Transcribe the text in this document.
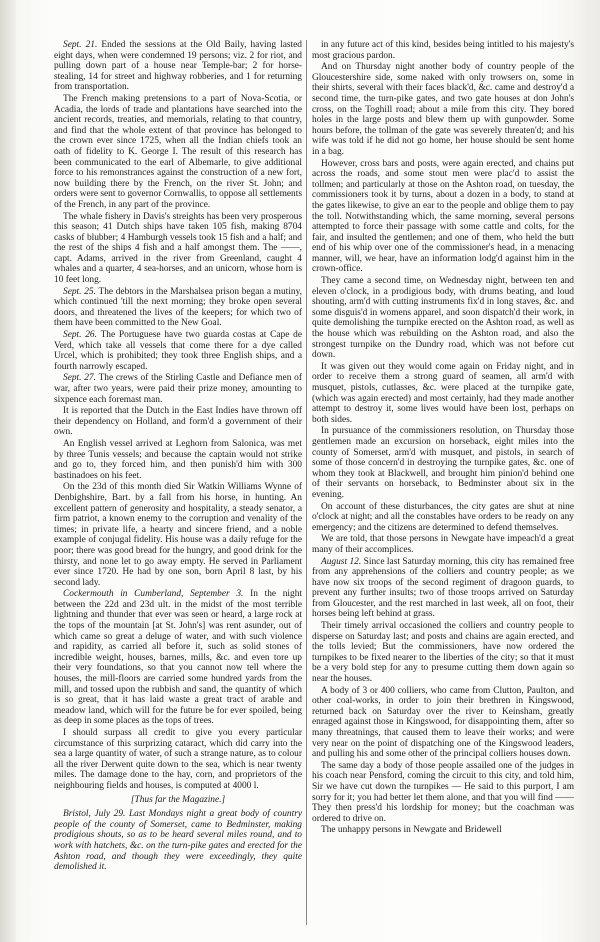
Sept. 21. Ended the sessions at the Old Baily, having lasted eight days, when were condemned 19 persons; viz. 2 for riot, and pulling down part of a house near Temple-bar; 2 for horse-stealing, 14 for street and highway robberies, and 1 for returning from transportation.

The French making pretensions to a part of Nova-Scotia, or Acadia, the lords of trade and plantations have searched into the ancient records, treaties, and memorials, relating to that country, and find that the whole extent of that province has belonged to the crown ever since 1725, when all the Indian chiefs took an oath of fidelity to K. George I. The result of this research has been communicated to the earl of Albemarle, to give additional force to his remonstrances against the construction of a new fort, now building there by the French, on the river St. John; and orders were sent to governor Cornwallis, to oppose all settlements of the French, in any part of the province.

The whale fishery in Davis's streights has been very prosperous this season; 41 Dutch ships have taken 105 fish, making 8704 casks of blubber; 4 Hamburgh vessels took 15 fish and a half; and the rest of the ships 4 fish and a half amongst them. The ——, capt. Adams, arrived in the river from Greenland, caught 4 whales and a quarter, 4 sea-horses, and an unicorn, whose horn is 10 feet long.

Sept. 25. The debtors in the Marshalsea prison began a mutiny, which continued 'till the next morning; they broke open several doors, and threatened the lives of the keepers; for which two of them have been committed to the New Goal.

Sept. 26. The Portuguese have two guarda costas at Cape de Verd, which take all vessels that come there for a dye called Urcel, which is prohibited; they took three English ships, and a fourth narrowly escaped.

Sept. 27. The crews of the Stirling Castle and Defiance men of war, after two years, were paid their prize money, amounting to sixpence each foremast man.

It is reported that the Dutch in the East Indies have thrown off their dependency on Holland, and form'd a government of their own.

An English vessel arrived at Leghorn from Salonica, was met by three Tunis vessels; and because the captain would not strike and go to, they forced him, and then punish'd him with 300 bastinadoes on his feet.

On the 23d of this month died Sir Watkin Williams Wynne of Denbighshire, Bart. by a fall from his horse, in hunting. An excellent pattern of generosity and hospitality, a steady senator, a firm patriot, a known enemy to the corruption and venality of the times; in private life, a hearty and sincere friend, and a noble example of conjugal fidelity. His house was a daily refuge for the poor; there was good bread for the hungry, and good drink for the thirsty, and none let to go away empty. He served in Parliament ever since 1720. He had by one son, born April 8 last, by his second lady.

Cockermouth in Cumberland, September 3. In the night between the 22d and 23d ult. in the midst of the most terrible lightning and thunder that ever was seen or heard, a large rock at the tops of the mountain [at St. John's] was rent asunder, out of which came so great a deluge of water, and with such violence and rapidity, as carried all before it, such as solid stones of incredible weight, houses, barnes, mills, &c. and even tore up their very foundations, so that you cannot now tell where the houses, the mill-floors are carried some hundred yards from the mill, and tossed upon the rubbish and sand, the quantity of which is so great, that it has laid waste a great tract of arable and meadow land, which will for the future be for ever spoiled, being as deep in some places as the tops of trees.

I should surpass all credit to give you every particular circumstance of this surprizing cataract, which did carry into the sea a large quantity of water, of such a strange nature, as to colour all the river Derwent quite down to the sea, which is near twenty miles. The damage done to the hay, corn, and proprietors of the neighbouring fields and houses, is computed at 4000 l.

[Thus far the Magazine.]

Bristol, July 29. Last Mondays night a great body of country people of the county of Somerset, came to Bedminster, making prodigious shouts, so as to be heard several miles round, and to work with hatchets, &c. on the turn-pike gates and erected for the Ashton road, and though they were exceedingly, they quite demolished it.

in any future act of this kind, besides being intitled to his majesty's most gracious pardon.

And on Thursday night another body of country people of the Gloucestershire side, some naked with only trowsers on, some in their shirts, several with their faces black'd, &c. came and destroy'd a second time, the turn-pike gates, and two gate houses at don John's cross, on the Toghill road; about a mile from this city. They bored holes in the large posts and blew them up with gunpowder. Some hours before, the tollman of the gate was severely threaten'd; and his wife was told if he did not go home, her house should be sent home in a bag.

However, cross bars and posts, were again erected, and chains put across the roads, and some stout men were plac'd to assist the tollmen; and particularly at those on the Ashton road, on tuesday, the commissioners took it by turns, about a dozen in a body, to stand at the gates likewise, to give an ear to the people and oblige them to pay the toll. Notwithstanding which, the same morning, several persons attempted to force their passage with some cattle and colts, for the fair, and insulted the gentlemen; and one of them, who held the butt end of his whip over one of the commissioner's head, in a menacing manner, will, we hear, have an information lodg'd against him in the crown-office.

They came a second time, on Wednesday night, between ten and eleven o'clock, in a prodigious body, with drums beating, and loud shouting, arm'd with cutting instruments fix'd in long staves, &c. and some disguis'd in womens apparel, and soon dispatch'd their work, in quite demolishing the turnpike erected on the Ashton road, as well as the house which was rebuilding on the Ashton road, and also the strongest turnpike on the Dundry road, which was not before cut down.

It was given out they would come again on Friday night, and in order to receive them a strong guard of seamen, all arm'd with musquet, pistols, cutlasses, &c. were placed at the turnpike gate, (which was again erected) and most certainly, had they made another attempt to destroy it, some lives would have been lost, perhaps on both sides.

In pursuance of the commissioners resolution, on Thursday those gentlemen made an excursion on horseback, eight miles into the county of Somerset, arm'd with musquet, and pistols, in search of some of those concern'd in destroying the turnpike gates, &c. one of whom they took at Blackwell, and brought him pinion'd behind one of their servants on horseback, to Bedminster about six in the evening.

On account of these disturbances, the city gates are shut at nine o'clock at night; and all the constables have orders to be ready on any emergency; and the citizens are determined to defend themselves.

We are told, that those persons in Newgate have impeach'd a great many of their accomplices.

August 12. Since last Saturday morning, this city has remained free from any apprehensions of the colliers and country people; as we have now six troops of the second regiment of dragoon guards, to prevent any further insults; two of those troops arrived on Saturday from Gloucester, and the rest marched in last week, all on foot, their horses being left behind at grass.

Their timely arrival occasioned the colliers and country people to disperse on Saturday last; and posts and chains are again erected, and the tolls levied; But the commissioners, have now ordered the turnpikes to be fixed nearer to the liberties of the city; so that it must be a very bold step for any to presume cutting them down again so near the houses.

A body of 3 or 400 colliers, who came from Clutton, Paulton, and other coal-works, in order to join their brethren in Kingswood, returned back on Saturday over the river to Keinsham, greatly enraged against those in Kingswood, for disappointing them, after so many threatnings, that caused them to leave their works; and were very near on the point of dispatching one of the Kingswood leaders, and pulling his and some other of the principal colliers houses down.

The same day a body of those people assailed one of the judges in his coach near Pensford, coming the circuit to this city, and told him, Sir we have cut down the turnpikes — He said to this purport, I am sorry for it; you had better let them alone, and that you will find —— They then press'd his lordship for money; but the coachman was ordered to drive on.

The unhappy persons in Newgate and Bridewell
